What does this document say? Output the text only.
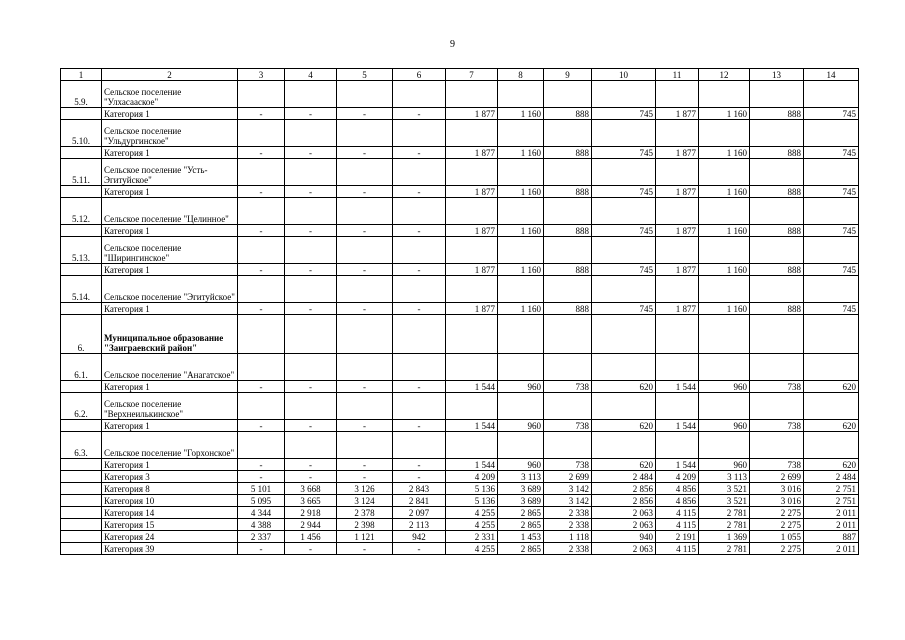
9
1	2	3	4	5	6	7	8	9	10	11	12	13	14
5.9.	Сельское поселение "Улхасааское"												
	Категория 1	-	-	-	-	1 877	1 160	888	745	1 877	1 160	888	745
5.10.	Сельское поселение "Ульдургинское"												
	Категория 1	-	-	-	-	1 877	1 160	888	745	1 877	1 160	888	745
5.11.	Сельское поселение "Усть-Эгитуйское"												
	Категория 1	-	-	-	-	1 877	1 160	888	745	1 877	1 160	888	745
5.12.	Сельское поселение "Целинное"												
	Категория 1	-	-	-	-	1 877	1 160	888	745	1 877	1 160	888	745
5.13.	Сельское поселение "Ширингинское"												
	Категория 1	-	-	-	-	1 877	1 160	888	745	1 877	1 160	888	745
5.14.	Сельское поселение "Эгитуйское"												
	Категория 1	-	-	-	-	1 877	1 160	888	745	1 877	1 160	888	745
6.	Муниципальное образование "Заиграевский район"												
6.1.	Сельское поселение "Анагатское"												
	Категория 1	-	-	-	-	1 544	960	738	620	1 544	960	738	620
6.2.	Сельское поселение "Верхнеилькинское"												
	Категория 1	-	-	-	-	1 544	960	738	620	1 544	960	738	620
6.3.	Сельское поселение "Горхонское"												
	Категория 1	-	-	-	-	1 544	960	738	620	1 544	960	738	620
	Категория 3	-	-	-	-	4 209	3 113	2 699	2 484	4 209	3 113	2 699	2 484
	Категория 8	5 101	3 668	3 126	2 843	5 136	3 689	3 142	2 856	4 856	3 521	3 016	2 751
	Категория 10	5 095	3 665	3 124	2 841	5 136	3 689	3 142	2 856	4 856	3 521	3 016	2 751
	Категория 14	4 344	2 918	2 378	2 097	4 255	2 865	2 338	2 063	4 115	2 781	2 275	2 011
	Категория 15	4 388	2 944	2 398	2 113	4 255	2 865	2 338	2 063	4 115	2 781	2 275	2 011
	Категория 24	2 337	1 456	1 121	942	2 331	1 453	1 118	940	2 191	1 369	1 055	887
	Категория 39	-	-	-	-	4 255	2 865	2 338	2 063	4 115	2 781	2 275	2 011
